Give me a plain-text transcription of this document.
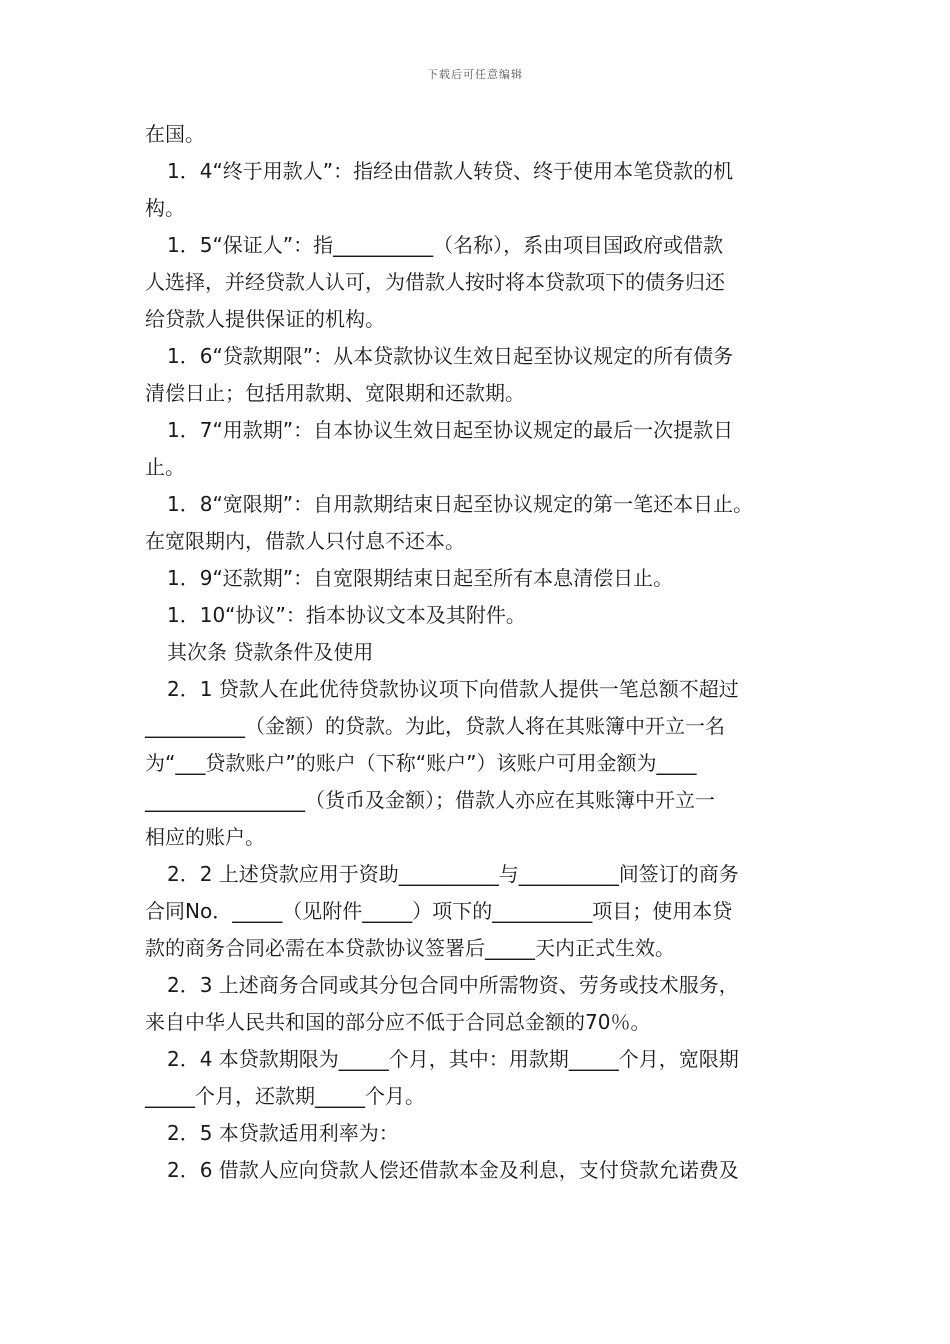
下载后可任意编辑
在国。
1．4“终于用款人”：指经由借款人转贷、终于使用本笔贷款的机
构。
1．5“保证人”：指__________（名称），系由项目国政府或借款
人选择，并经贷款人认可，为借款人按时将本贷款项下的债务归还
给贷款人提供保证的机构。
1．6“贷款期限”：从本贷款协议生效日起至协议规定的所有债务
清偿日止；包括用款期、宽限期和还款期。
1．7“用款期”：自本协议生效日起至协议规定的最后一次提款日
止。
1．8“宽限期”：自用款期结束日起至协议规定的第一笔还本日止。
在宽限期内，借款人只付息不还本。
1．9“还款期”：自宽限期结束日起至所有本息清偿日止。
1．10“协议”：指本协议文本及其附件。
其次条 贷款条件及使用
2．1 贷款人在此优待贷款协议项下向借款人提供一笔总额不超过
__________（金额）的贷款。为此，贷款人将在其账簿中开立一名
为“___贷款账户”的账户（下称“账户”）该账户可用金额为____
________________（货币及金额）；借款人亦应在其账簿中开立一
相应的账户。
2．2 上述贷款应用于资助__________与__________间签订的商务
合同No．_____（见附件_____）项下的__________项目；使用本贷
款的商务合同必需在本贷款协议签署后_____天内正式生效。
2．3 上述商务合同或其分包合同中所需物资、劳务或技术服务，
来自中华人民共和国的部分应不低于合同总金额的70％。
2．4 本贷款期限为_____个月，其中：用款期_____个月，宽限期
_____个月，还款期_____个月。
2．5 本贷款适用利率为：
2．6 借款人应向贷款人偿还借款本金及利息，支付贷款允诺费及
